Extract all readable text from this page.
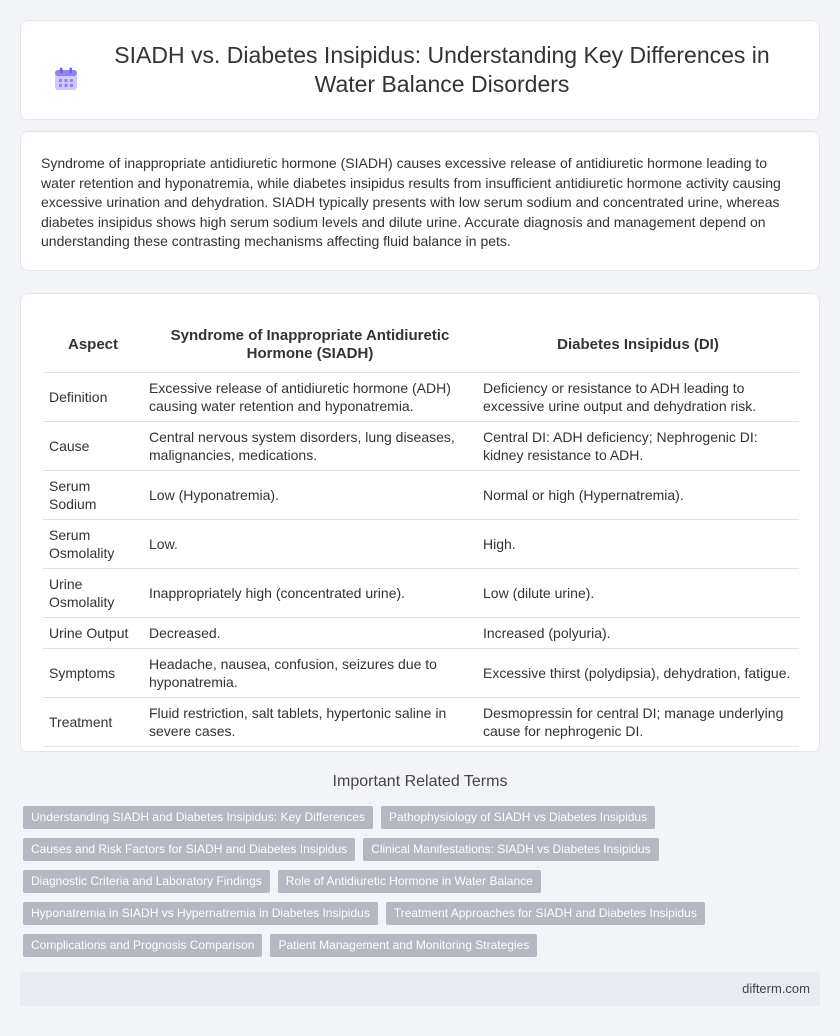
SIADH vs. Diabetes Insipidus: Understanding Key Differences in Water Balance Disorders

Syndrome of inappropriate antidiuretic hormone (SIADH) causes excessive release of antidiuretic hormone leading to water retention and hyponatremia, while diabetes insipidus results from insufficient antidiuretic hormone activity causing excessive urination and dehydration. SIADH typically presents with low serum sodium and concentrated urine, whereas diabetes insipidus shows high serum sodium levels and dilute urine. Accurate diagnosis and management depend on understanding these contrasting mechanisms affecting fluid balance in pets.

Aspect	Syndrome of Inappropriate Antidiuretic Hormone (SIADH)	Diabetes Insipidus (DI)
Definition	Excessive release of antidiuretic hormone (ADH) causing water retention and hyponatremia.	Deficiency or resistance to ADH leading to excessive urine output and dehydration risk.
Cause	Central nervous system disorders, lung diseases, malignancies, medications.	Central DI: ADH deficiency; Nephrogenic DI: kidney resistance to ADH.
Serum Sodium	Low (Hyponatremia).	Normal or high (Hypernatremia).
Serum Osmolality	Low.	High.
Urine Osmolality	Inappropriately high (concentrated urine).	Low (dilute urine).
Urine Output	Decreased.	Increased (polyuria).
Symptoms	Headache, nausea, confusion, seizures due to hyponatremia.	Excessive thirst (polydipsia), dehydration, fatigue.
Treatment	Fluid restriction, salt tablets, hypertonic saline in severe cases.	Desmopressin for central DI; manage underlying cause for nephrogenic DI.
Important Related Terms
Understanding SIADH and Diabetes Insipidus: Key Differences	Pathophysiology of SIADH vs Diabetes Insipidus
Causes and Risk Factors for SIADH and Diabetes Insipidus	Clinical Manifestations: SIADH vs Diabetes Insipidus
Diagnostic Criteria and Laboratory Findings	Role of Antidiuretic Hormone in Water Balance
Hyponatremia in SIADH vs Hypernatremia in Diabetes Insipidus	Treatment Approaches for SIADH and Diabetes Insipidus
Complications and Prognosis Comparison	Patient Management and Monitoring Strategies
difterm.com
